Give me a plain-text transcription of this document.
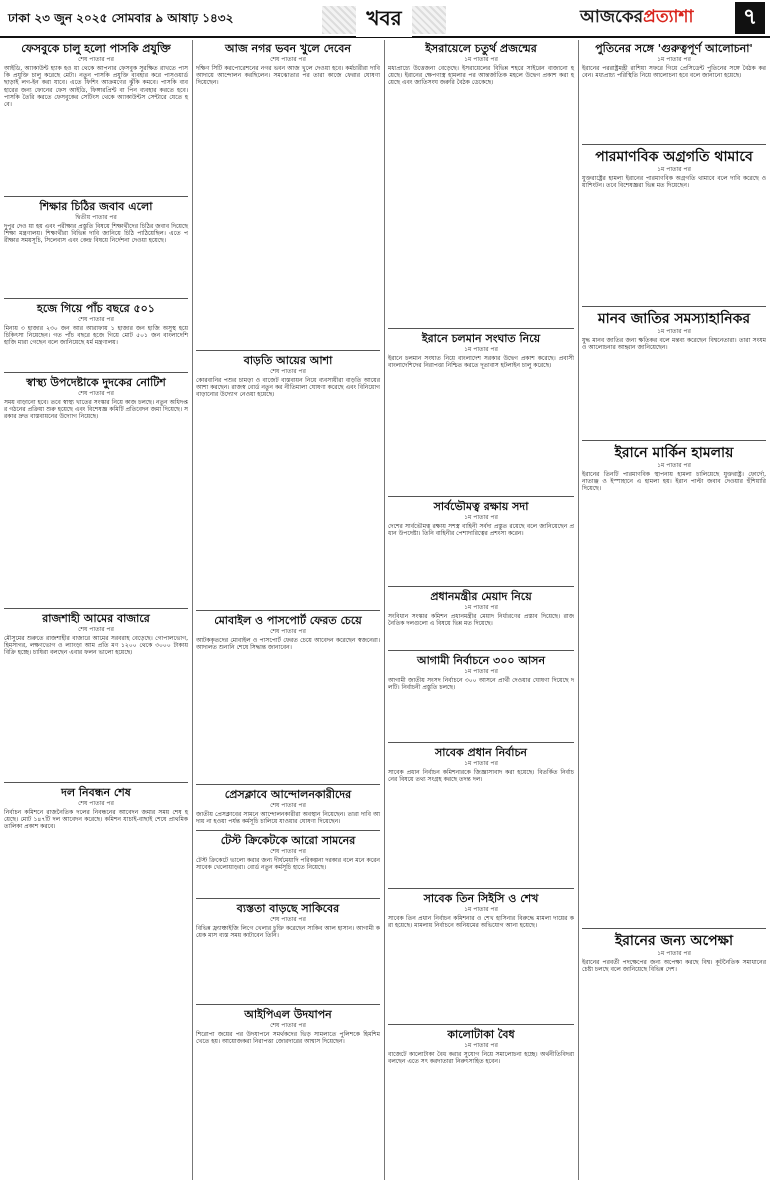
ঢাকা ২৩ জুন ২০২৫ সোমবার ৯ আষাঢ় ১৪৩২	খবর	আজকেরপ্রত্যাশা	৭
ফেসবুকে চালু হলো পাসকি প্রযুক্তি
শেষ পাতার পর
আইডি, অ্যাকাউন্ট হ্যাক হও য়া থেকে আপনার ফেসবুক সুরক্ষিত রাখতে পাসকি প্রযুক্তি চালু করেছে মেটা। নতুন পাসকি প্রযুক্তি ব্যবহার করে পাসওয়ার্ড ছাড়াই লগ-ইন করা যাবে। এতে ফিশিং আক্রমণের ঝুঁকি কমবে। পাসকি ব্যবহারের জন্য ফোনের ফেস আইডি, ফিঙ্গারপ্রিন্ট বা পিন ব্যবহার করতে হবে। পাসকি তৈরি করতে ফেসবুকের সেটিংস থেকে অ্যাকাউন্টস সেন্টারে যেতে হবে।
শিক্ষার চিঠির জবাব এলো
দ্বিতীয় পাতার পর
দুপুর দেও য়া হয় এবং পরীক্ষার প্রস্তুতি বিষয়ে শিক্ষার্থীদের চিঠির জবাব দিয়েছে শিক্ষা মন্ত্রণালয়। শিক্ষার্থীরা বিভিন্ন দাবি জানিয়ে চিঠি পাঠিয়েছিল। এতে পরীক্ষার সময়সূচি, সিলেবাস এবং কেন্দ্র বিষয়ে নির্দেশনা দেওয়া হয়েছে।
হজে গিয়ে পাঁচ বছরে ৫০১
শেষ পাতার পর
মিনায় ৩ হাজার ২৩০ জন আর আরাফায় ১ হাজার জন হাজি অসুস্থ হয়ে চিকিৎসা নিয়েছেন। গত পাঁচ বছরে হজে গিয়ে মোট ৫০১ জন বাংলাদেশি হাজি মারা গেছেন বলে জানিয়েছে ধর্ম মন্ত্রণালয়।
স্বাস্থ্য উপদেষ্টাকে দুদকের নোটিশ
শেষ পাতার পর
সময় বাড়ানো হবে। তবে স্বাস্থ্য খাতের সংস্কার নিয়ে কাজ চলছে। নতুন অধিদপ্তর গঠনের প্রক্রিয়া শুরু হয়েছে এবং বিশেষজ্ঞ কমিটি প্রতিবেদন জমা দিয়েছে। সরকার দ্রুত বাস্তবায়নের উদ্যোগ নিয়েছে।
রাজশাহী আমের বাজারে
শেষ পাতার পর
মৌসুমের শুরুতে রাজশাহীর বাজারে আমের সরবরাহ বেড়েছে। গোপালভোগ, হিমসাগর, লক্ষণভোগ ও ল্যাংড়া আম প্রতি মণ ১২০০ থেকে ৩০০০ টাকায় বিক্রি হচ্ছে। চাষিরা বলছেন এবার ফলন ভালো হয়েছে।
দল নিবন্ধন শেষ
শেষ পাতার পর
নির্বাচন কমিশনে রাজনৈতিক দলের নিবন্ধনের আবেদন জমার সময় শেষ হয়েছে। মোট ১৪৭টি দল আবেদন করেছে। কমিশন যাচাই-বাছাই শেষে প্রাথমিক তালিকা প্রকাশ করবে।
আজ নগর ভবন খুলে দেবেন
শেষ পাতার পর
দক্ষিণ সিটি করপোরেশনের নগর ভবন আজ খুলে দেওয়া হবে। কর্মচারীরা দাবি আদায়ে আন্দোলন করছিলেন। সমঝোতার পর তারা কাজে ফেরার ঘোষণা দিয়েছেন।
বাড়তি আয়ের আশা
শেষ পাতার পর
কোরবানির পশুর চামড়া ও বাজেট বাস্তবায়ন নিয়ে ব্যবসায়ীরা বাড়তি আয়ের আশা করছেন। রাজস্ব বোর্ড নতুন কর নীতিমালা ঘোষণা করেছে এবং বিনিয়োগ বাড়ানোর উদ্যোগ নেওয়া হয়েছে।
মোবাইল ও পাসপোর্ট ফেরত চেয়ে
শেষ পাতার পর
আটককৃতদের মোবাইল ও পাসপোর্ট ফেরত চেয়ে আবেদন করেছেন স্বজনেরা। আদালত শুনানি শেষে সিদ্ধান্ত জানাবেন।
প্রেসক্লাবে আন্দোলনকারীদের
শেষ পাতার পর
জাতীয় প্রেসক্লাবের সামনে আন্দোলনকারীরা অবস্থান নিয়েছেন। তারা দাবি আদায় না হওয়া পর্যন্ত কর্মসূচি চালিয়ে যাওয়ার ঘোষণা দিয়েছেন।
টেস্ট ক্রিকেটকে আরো সামনের
শেষ পাতার পর
টেস্ট ক্রিকেটে ভালো করার জন্য দীর্ঘমেয়াদি পরিকল্পনা দরকার বলে মনে করেন সাবেক খেলোয়াড়রা। বোর্ড নতুন কর্মসূচি হাতে নিয়েছে।
ব্যস্ততা বাড়ছে সাকিবের
শেষ পাতার পর
বিভিন্ন ফ্র্যাঞ্চাইজি লিগে খেলার চুক্তি করেছেন সাকিব আল হাসান। আগামী কয়েক মাস ব্যস্ত সময় কাটাবেন তিনি।
আইপিএল উদযাপন
শেষ পাতার পর
শিরোপা জয়ের পর উদযাপনে সমর্থকদের ভিড় সামলাতে পুলিশকে হিমশিম খেতে হয়। আয়োজকরা নিরাপত্তা জোরদারের আশ্বাস দিয়েছেন।
ইসরায়েলে চতুর্থ প্রজন্মের
১ম পাতার পর
মধ্যপ্রাচ্যে উত্তেজনা বেড়েছে। ইসরায়েলের বিভিন্ন শহরে সাইরেন বাজানো হয়েছে। ইরানের ক্ষেপণাস্ত্র হামলার পর আন্তর্জাতিক মহলে উদ্বেগ প্রকাশ করা হয়েছে এবং জাতিসংঘ জরুরি বৈঠক ডেকেছে।
ইরানে চলমান সংঘাত নিয়ে
১ম পাতার পর
ইরানে চলমান সংঘাত নিয়ে বাংলাদেশ সরকার উদ্বেগ প্রকাশ করেছে। প্রবাসী বাংলাদেশিদের নিরাপত্তা নিশ্চিত করতে দূতাবাস হটলাইন চালু করেছে।
সার্বভৌমত্ব রক্ষায় সদা
১ম পাতার পর
দেশের সার্বভৌমত্ব রক্ষায় সশস্ত্র বাহিনী সর্বদা প্রস্তুত রয়েছে বলে জানিয়েছেন প্রধান উপদেষ্টা। তিনি বাহিনীর পেশাদারিত্বের প্রশংসা করেন।
প্রধানমন্ত্রীর মেয়াদ নিয়ে
১ম পাতার পর
সংবিধান সংস্কার কমিশন প্রধানমন্ত্রীর মেয়াদ নির্ধারণের প্রস্তাব দিয়েছে। রাজনৈতিক দলগুলো এ বিষয়ে ভিন্ন মত দিয়েছে।
আগামী নির্বাচনে ৩০০ আসন
১ম পাতার পর
আগামী জাতীয় সংসদ নির্বাচনে ৩০০ আসনে প্রার্থী দেওয়ার ঘোষণা দিয়েছে দলটি। নির্বাচনী প্রস্তুতি চলছে।
সাবেক প্রধান নির্বাচন
১ম পাতার পর
সাবেক প্রধান নির্বাচন কমিশনারকে জিজ্ঞাসাবাদ করা হয়েছে। বিতর্কিত নির্বাচনের বিষয়ে তথ্য সংগ্রহ করছে তদন্ত দল।
সাবেক তিন সিইসি ও শেখ
১ম পাতার পর
সাবেক তিন প্রধান নির্বাচন কমিশনার ও শেখ হাসিনার বিরুদ্ধে মামলা দায়ের করা হয়েছে। মামলায় নির্বাচনে অনিয়মের অভিযোগ আনা হয়েছে।
কালোটাকা বৈধ
১ম পাতার পর
বাজেটে কালোটাকা বৈধ করার সুযোগ নিয়ে সমালোচনা হচ্ছে। অর্থনীতিবিদরা বলছেন এতে সৎ করদাতারা নিরুৎসাহিত হবেন।
পুতিনের সঙ্গে 'গুরুত্বপূর্ণ আলোচনা'
১ম পাতার পর
ইরানের পররাষ্ট্রমন্ত্রী রাশিয়া সফরে গিয়ে প্রেসিডেন্ট পুতিনের সঙ্গে বৈঠক করবেন। মধ্যপ্রাচ্য পরিস্থিতি নিয়ে আলোচনা হবে বলে জানানো হয়েছে।
পারমাণবিক অগ্রগতি থামাবে
১ম পাতার পর
যুক্তরাষ্ট্রের হামলা ইরানের পারমাণবিক অগ্রগতি থামাবে বলে দাবি করেছে ওয়াশিংটন। তবে বিশেষজ্ঞরা ভিন্ন মত দিয়েছেন।
মানব জাতির সমস্যাহানিকর
১ম পাতার পর
যুদ্ধ মানব জাতির জন্য ক্ষতিকর বলে মন্তব্য করেছেন বিশ্বনেতারা। তারা সংযম ও আলোচনার আহ্বান জানিয়েছেন।
ইরানে মার্কিন হামলায়
১ম পাতার পর
ইরানের তিনটি পারমাণবিক স্থাপনায় হামলা চালিয়েছে যুক্তরাষ্ট্র। ফোর্দো, নাতাঞ্জ ও ইস্পাহানে এ হামলা হয়। ইরান পাল্টা জবাব দেওয়ার হুঁশিয়ারি দিয়েছে।
ইরানের জন্য অপেক্ষা
১ম পাতার পর
ইরানের পরবর্তী পদক্ষেপের জন্য অপেক্ষা করছে বিশ্ব। কূটনৈতিক সমাধানের চেষ্টা চলছে বলে জানিয়েছে বিভিন্ন দেশ।
